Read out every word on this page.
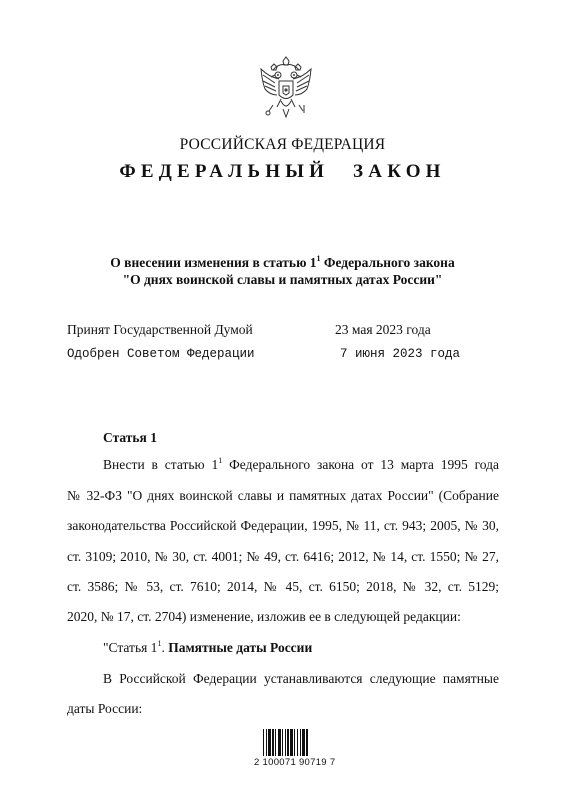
РОССИЙСКАЯ ФЕДЕРАЦИЯ
ФЕДЕРАЛЬНЫЙ ЗАКОН
О внесении изменения в статью $1^1$ Федерального закона
"О днях воинской славы и памятных датах России"
Принят Государственной Думой	23 мая 2023 года
Одобрен Советом Федерации	7 июня 2023 года
Статья 1
Внести в статью $1^1$ Федерального закона от 13 марта 1995 года
№ 32-ФЗ "О днях воинской славы и памятных датах России" (Собрание
законодательства Российской Федерации, 1995, № 11, ст. 943; 2005, № 30,
ст. 3109; 2010, № 30, ст. 4001; № 49, ст. 6416; 2012, № 14, ст. 1550; № 27,
ст. 3586; № 53, ст. 7610; 2014, № 45, ст. 6150; 2018, № 32, ст. 5129;
2020, № 17, ст. 2704) изменение, изложив ее в следующей редакции:
"Статья $1^1$. Памятные даты России
В Российской Федерации устанавливаются следующие памятные
даты России:
2 100071 90719 7
